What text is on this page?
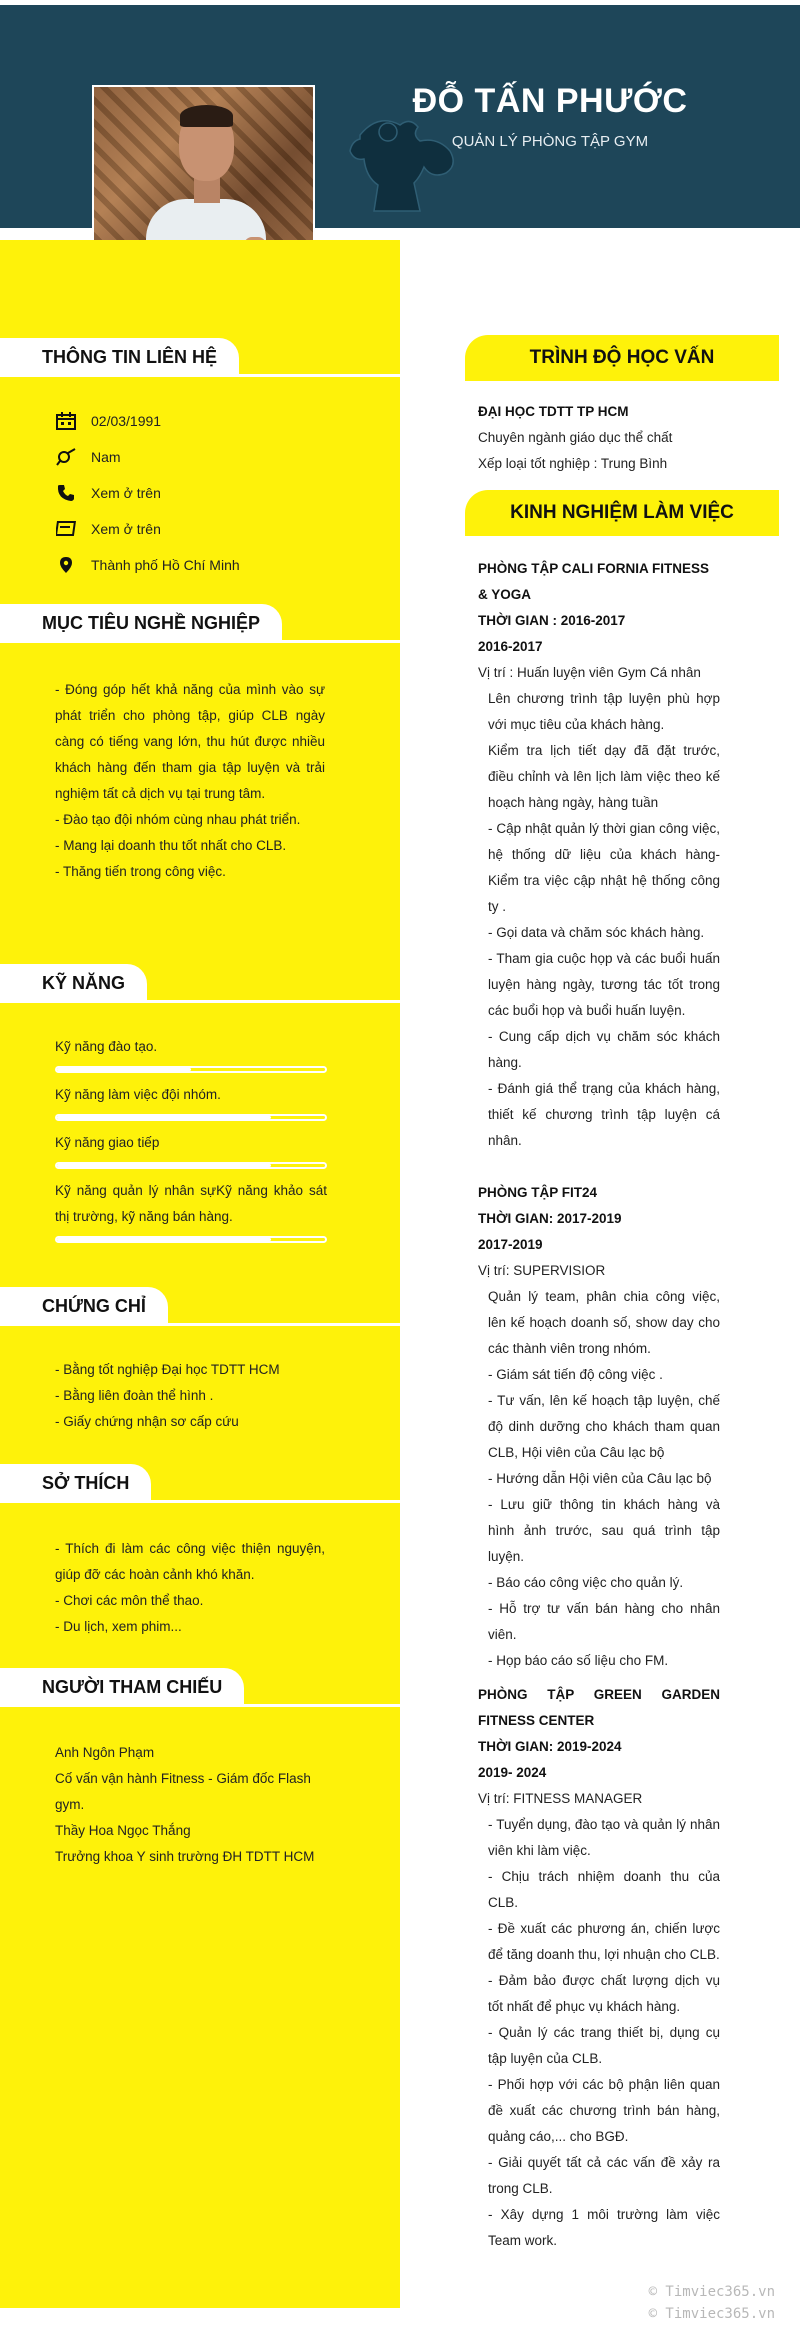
ĐỖ TẤN PHƯỚC
QUẢN LÝ PHÒNG TẬP GYM
THÔNG TIN LIÊN HỆ
02/03/1991
Nam
Xem ở trên
Xem ở trên
Thành phố Hồ Chí Minh
MỤC TIÊU NGHỀ NGHIỆP

- Đóng góp hết khả năng của mình vào sự phát triển cho phòng tập, giúp CLB ngày càng có tiếng vang lớn, thu hút được nhiều khách hàng đến tham gia tập luyện và trải nghiệm tất cả dịch vụ tại trung tâm.

- Đào tạo đội nhóm cùng nhau phát triển.

- Mang lại doanh thu tốt nhất cho CLB.

- Thăng tiến trong công việc.

KỸ NĂNG
Kỹ năng đào tạo.
Kỹ năng làm việc đội nhóm.
Kỹ năng giao tiếp
Kỹ năng quản lý nhân sựKỹ năng khảo sát thị trường, kỹ năng bán hàng.
CHỨNG CHỈ

- Bằng tốt nghiệp Đại học TDTT HCM

- Bằng liên đoàn thể hình .

- Giấy chứng nhận sơ cấp cứu

SỞ THÍCH

- Thích đi làm các công việc thiện nguyện, giúp đỡ các hoàn cảnh khó khăn.

- Chơi các môn thể thao.

- Du lịch, xem phim...

NGƯỜI THAM CHIẾU

Anh Ngôn Phạm

Cố vấn vận hành Fitness - Giám đốc Flash gym.

Thầy Hoa Ngọc Thắng

Trưởng khoa Y sinh trường ĐH TDTT HCM

TRÌNH ĐỘ HỌC VẤN

ĐẠI HỌC TDTT TP HCM

Chuyên ngành giáo dục thể chất

Xếp loại tốt nghiệp : Trung Bình

KINH NGHIỆM LÀM VIỆC

PHÒNG TẬP CALI FORNIA FITNESS & YOGA

THỜI GIAN : 2016-2017

2016-2017

Vị trí : Huấn luyện viên Gym Cá nhân

Lên chương trình tập luyện phù hợp với mục tiêu của khách hàng.

Kiểm tra lịch tiết dạy đã đặt trước, điều chỉnh và lên lịch làm việc theo kế hoạch hàng ngày, hàng tuần

- Cập nhật quản lý thời gian công việc, hệ thống dữ liệu của khách hàng- Kiểm tra việc cập nhật hệ thống công ty .

- Gọi data và chăm sóc khách hàng.

- Tham gia cuộc họp và các buổi huấn luyện hàng ngày, tương tác tốt trong các buổi họp và buổi huấn luyện.

- Cung cấp dịch vụ chăm sóc khách hàng.

- Đánh giá thể trạng của khách hàng, thiết kế chương trình tập luyện cá nhân.

PHÒNG TẬP FIT24

THỜI GIAN: 2017-2019

2017-2019

Vị trí: SUPERVISIOR

Quản lý team, phân chia công việc, lên kế hoạch doanh số, show day cho các thành viên trong nhóm.

- Giám sát tiến độ công việc .

- Tư vấn, lên kế hoạch tập luyện, chế độ dinh dưỡng cho khách tham quan CLB, Hội viên của Câu lạc bộ

- Hướng dẫn Hội viên của Câu lạc bộ

- Lưu giữ thông tin khách hàng và hình ảnh trước, sau quá trình tập luyện.

- Báo cáo công việc cho quản lý.

- Hỗ trợ tư vấn bán hàng cho nhân viên.

- Họp báo cáo số liệu cho FM.

PHÒNG TẬP GREEN GARDEN FITNESS CENTER

THỜI GIAN: 2019-2024

2019- 2024

Vị trí: FITNESS MANAGER

- Tuyển dụng, đào tạo và quản lý nhân viên khi làm việc.

- Chịu trách nhiệm doanh thu của CLB.

- Đề xuất các phương án, chiến lược để tăng doanh thu, lợi nhuận cho CLB.

- Đảm bảo được chất lượng dịch vụ tốt nhất để phục vụ khách hàng.

- Quản lý các trang thiết bị, dụng cụ tập luyện của CLB.

- Phối hợp với các bộ phận liên quan đề xuất các chương trình bán hàng, quảng cáo,... cho BGĐ.

- Giải quyết tất cả các vấn đề xảy ra trong CLB.

- Xây dựng 1 môi trường làm việc Team work.

© Timviec365.vn
© Timviec365.vn
